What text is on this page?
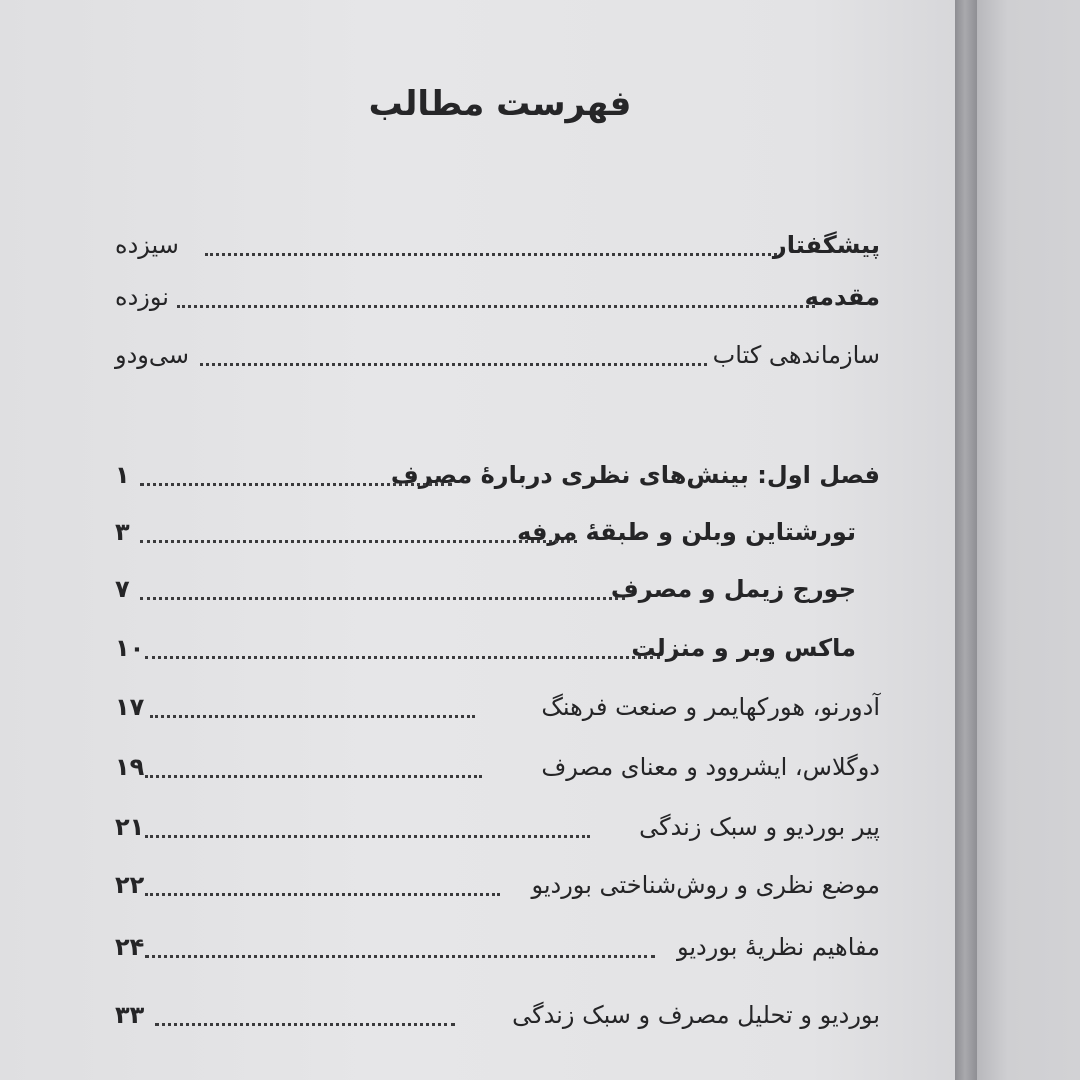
فهرست مطالب
پیشگفتار
سیزده
مقدمه
نوزده
سازماندهی کتاب
سی‌ودو
فصل اول: بینش‌های نظری دربارهٔ مصرف
۱
تورشتاین وبلن و طبقهٔ مرفه
۳
جورج زیمل و مصرف
۷
ماکس وبر و منزلت
۱۰
آدورنو، هورکهایمر و صنعت فرهنگ
۱۷
دوگلاس، ایشروود و معنای مصرف
۱۹
پیر بوردیو و سبک زندگی
۲۱
موضع نظری و روش‌شناختی بوردیو
۲۲
مفاهیم نظریهٔ بوردیو
۲۴
بوردیو و تحلیل مصرف و سبک زندگی
۳۳
